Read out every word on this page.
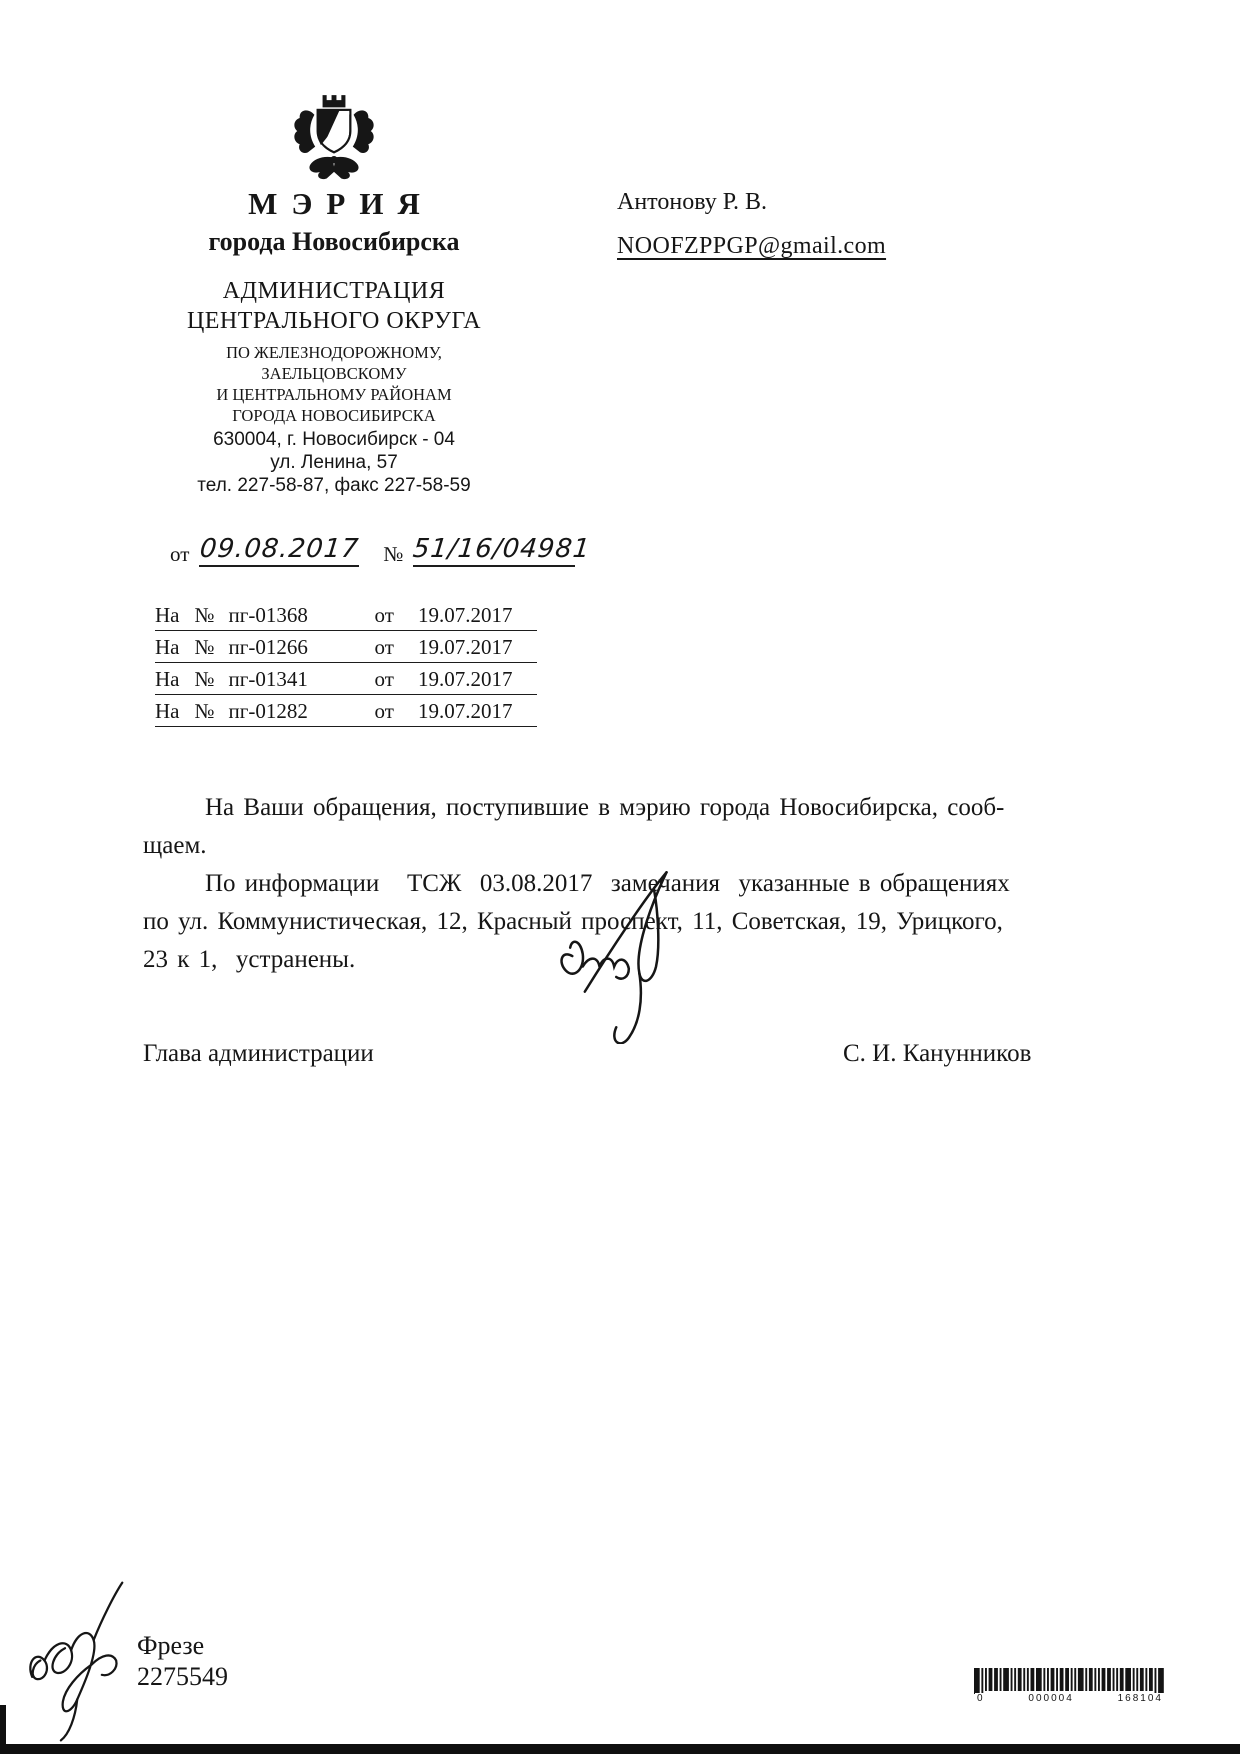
МЭРИЯ
города Новосибирска
АДМИНИСТРАЦИЯ
ЦЕНТРАЛЬНОГО ОКРУГА
ПО ЖЕЛЕЗНОДОРОЖНОМУ,
ЗАЕЛЬЦОВСКОМУ
И ЦЕНТРАЛЬНОМУ РАЙОНАМ
ГОРОДА НОВОСИБИРСКА
630004, г. Новосибирск - 04
ул. Ленина, 57
тел. 227-58-87, факс 227-58-59
Антонову Р. В.
NOOFZPPGP@gmail.com
от 09.08.2017 № 51/16/04981
На № пг-01368	от 19.07.2017
На № пг-01266	от 19.07.2017
На № пг-01341	от 19.07.2017
На № пг-01282	от 19.07.2017
На Ваши обращения, поступившие в мэрию города Новосибирска, сооб-
щаем.
По информации   ТСЖ  03.08.2017  замечания  указанные в обращениях
по ул. Коммунистическая, 12, Красный проспект, 11, Советская, 19, Урицкого,
23 к 1,  устранены.
Глава администрации	С. И. Канунников
Фрезе
2275549
0	000004	168104
